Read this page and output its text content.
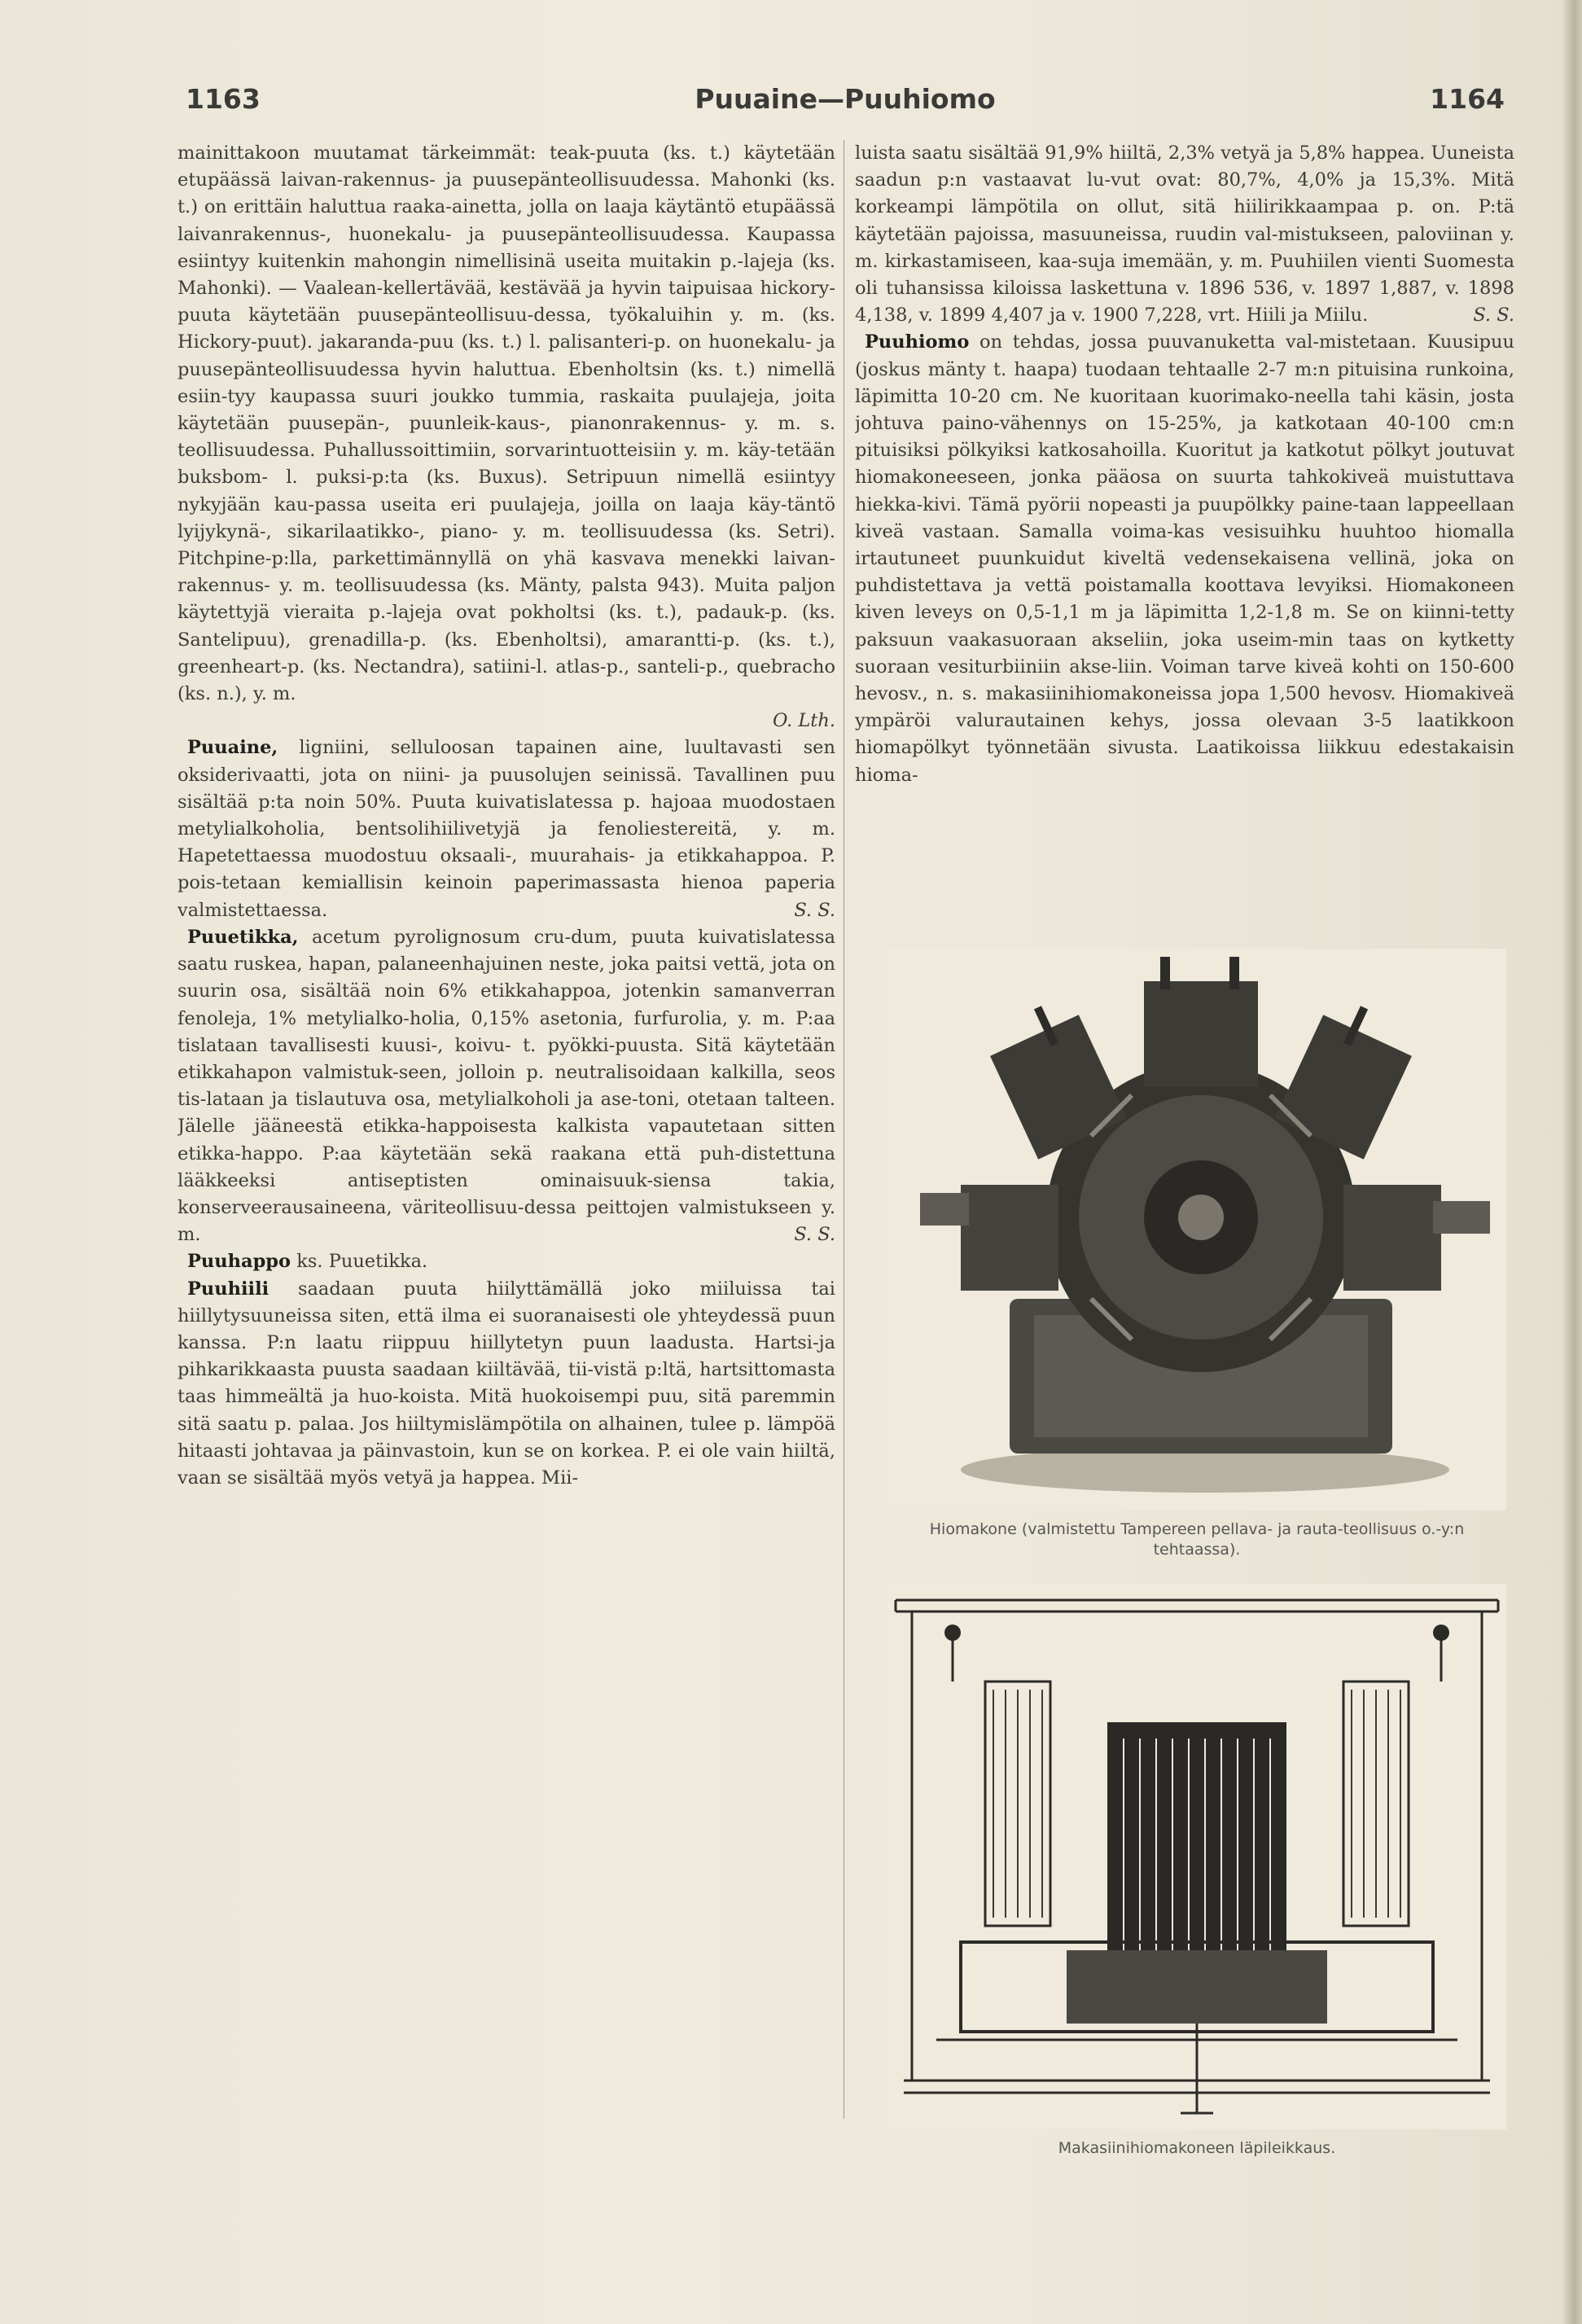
1163	Puuaine—Puuhiomo	1164

mainittakoon muutamat tärkeimmät: teak-puuta (ks. t.) käytetään etupäässä laivan-rakennus- ja puusepänteollisuudessa. Mahonki (ks. t.) on erittäin haluttua raaka-ainetta, jolla on laaja käytäntö etupäässä laivanrakennus-, huonekalu- ja puusepänteollisuudessa. Kaupassa esiintyy kuitenkin mahongin nimellisinä useita muitakin p.-lajeja (ks. Mahonki). — Vaalean-kellertävää, kestävää ja hyvin taipuisaa hickory-puuta käytetään puusepänteollisuu-dessa, työkaluihin y. m. (ks. Hickory-puut). jakaranda-puu (ks. t.) l. palisanteri-p. on huonekalu- ja puusepänteollisuudessa hyvin haluttua. Ebenholtsin (ks. t.) nimellä esiin-tyy kaupassa suuri joukko tummia, raskaita puulajeja, joita käytetään puusepän-, puunleik-kaus-, pianonrakennus- y. m. s. teollisuudessa. Puhallussoittimiin, sorvarintuotteisiin y. m. käy-tetään buksbom- l. puksi-p:ta (ks. Buxus). Setripuun nimellä esiintyy nykyjään kau-passa useita eri puulajeja, joilla on laaja käy-täntö lyijykynä-, sikarilaatikko-, piano- y. m. teollisuudessa (ks. Setri). Pitchpine-p:lla, parkettimännyllä on yhä kasvava menekki laivan-rakennus- y. m. teollisuudessa (ks. Mänty, palsta 943). Muita paljon käytettyjä vieraita p.-lajeja ovat pokholtsi (ks. t.), padauk-p. (ks. Santelipuu), grenadilla-p. (ks. Ebenholtsi), amarantti-p. (ks. t.), greenheart-p. (ks. Nectandra), satiini-l. atlas-p., santeli-p., quebracho (ks. n.), y. m.

O. Lth.

Puuaine, ligniini, selluloosan tapainen aine, luultavasti sen oksiderivaatti, jota on niini- ja puusolujen seinissä. Tavallinen puu sisältää p:ta noin 50%. Puuta kuivatislatessa p. hajoaa muodostaen metylialkoholia, bentsolihiilivetyjä ja fenoliestereitä, y. m. Hapetettaessa muodostuu oksaali-, muurahais- ja etikkahappoa. P. pois-tetaan kemiallisin keinoin paperimassasta hienoa paperia valmistettaessa.	S. S.

Puuetikka, acetum pyrolignosum cru-dum, puuta kuivatislatessa saatu ruskea, hapan, palaneenhajuinen neste, joka paitsi vettä, jota on suurin osa, sisältää noin 6% etikkahappoa, jotenkin samanverran fenoleja, 1% metylialko-holia, 0,15% asetonia, furfurolia, y. m. P:aa tislataan tavallisesti kuusi-, koivu- t. pyökki-puusta. Sitä käytetään etikkahapon valmistuk-seen, jolloin p. neutralisoidaan kalkilla, seos tis-lataan ja tislautuva osa, metylialkoholi ja ase-toni, otetaan talteen. Jälelle jääneestä etikka-happoisesta kalkista vapautetaan sitten etikka-happo. P:aa käytetään sekä raakana että puh-distettuna lääkkeeksi antiseptisten ominaisuuk-siensa takia, konserveerausaineena, väriteollisuu-dessa peittojen valmistukseen y. m.	S. S.

Puuhappo ks. Puuetikka.

Puuhiili saadaan puuta hiilyttämällä joko miiluissa tai hiillytysuuneissa siten, että ilma ei suoranaisesti ole yhteydessä puun kanssa. P:n laatu riippuu hiillytetyn puun laadusta. Hartsi-ja pihkarikkaasta puusta saadaan kiiltävää, tii-vistä p:ltä, hartsittomasta taas himmeältä ja huo-koista. Mitä huokoisempi puu, sitä paremmin sitä saatu p. palaa. Jos hiiltymislämpötila on alhainen, tulee p. lämpöä hitaasti johtavaa ja päinvastoin, kun se on korkea. P. ei ole vain hiiltä, vaan se sisältää myös vetyä ja happea. Mii-

luista saatu sisältää 91,9% hiiltä, 2,3% vetyä ja 5,8% happea. Uuneista saadun p:n vastaavat lu-vut ovat: 80,7%, 4,0% ja 15,3%. Mitä korkeampi lämpötila on ollut, sitä hiilirikkaampaa p. on. P:tä käytetään pajoissa, masuuneissa, ruudin val-mistukseen, paloviinan y. m. kirkastamiseen, kaa-suja imemään, y. m. Puuhiilen vienti Suomesta oli tuhansissa kiloissa laskettuna v. 1896 536, v. 1897 1,887, v. 1898 4,138, v. 1899 4,407 ja v. 1900 7,228, vrt. Hiili ja Miilu.	S. S.

Puuhiomo on tehdas, jossa puuvanuketta val-mistetaan. Kuusipuu (joskus mänty t. haapa) tuodaan tehtaalle 2-7 m:n pituisina runkoina, läpimitta 10-20 cm. Ne kuoritaan kuorimako-neella tahi käsin, josta johtuva paino-vähennys on 15-25%, ja katkotaan 40-100 cm:n pituisiksi pölkyiksi katkosahoilla. Kuoritut ja katkotut pölkyt joutuvat hiomakoneeseen, jonka pääosa on suurta tahkokiveä muistuttava hiekka-kivi. Tämä pyörii nopeasti ja puupölkky paine-taan lappeellaan kiveä vastaan. Samalla voima-kas vesisuihku huuhtoo hiomalla irtautuneet puunkuidut kiveltä vedensekaisena vellinä, joka on puhdistettava ja vettä poistamalla koottava levyiksi. Hiomakoneen kiven leveys on 0,5-1,1 m ja läpimitta 1,2-1,8 m. Se on kiinni-tetty paksuun vaakasuoraan akseliin, joka useim-min taas on kytketty suoraan vesiturbiiniin akse-liin. Voiman tarve kiveä kohti on 150-600 hevosv., n. s. makasiinihiomakoneissa jopa 1,500 hevosv. Hiomakiveä ympäröi valurautainen kehys, jossa olevaan 3-5 laatikkoon hiomapölkyt työnnetään sivusta. Laatikoissa liikkuu edestakaisin hioma-

Hiomakone (valmistettu Tampereen pellava- ja rauta-teollisuus o.-y:n tehtaassa).
Makasiinihiomakoneen läpileikkaus.
